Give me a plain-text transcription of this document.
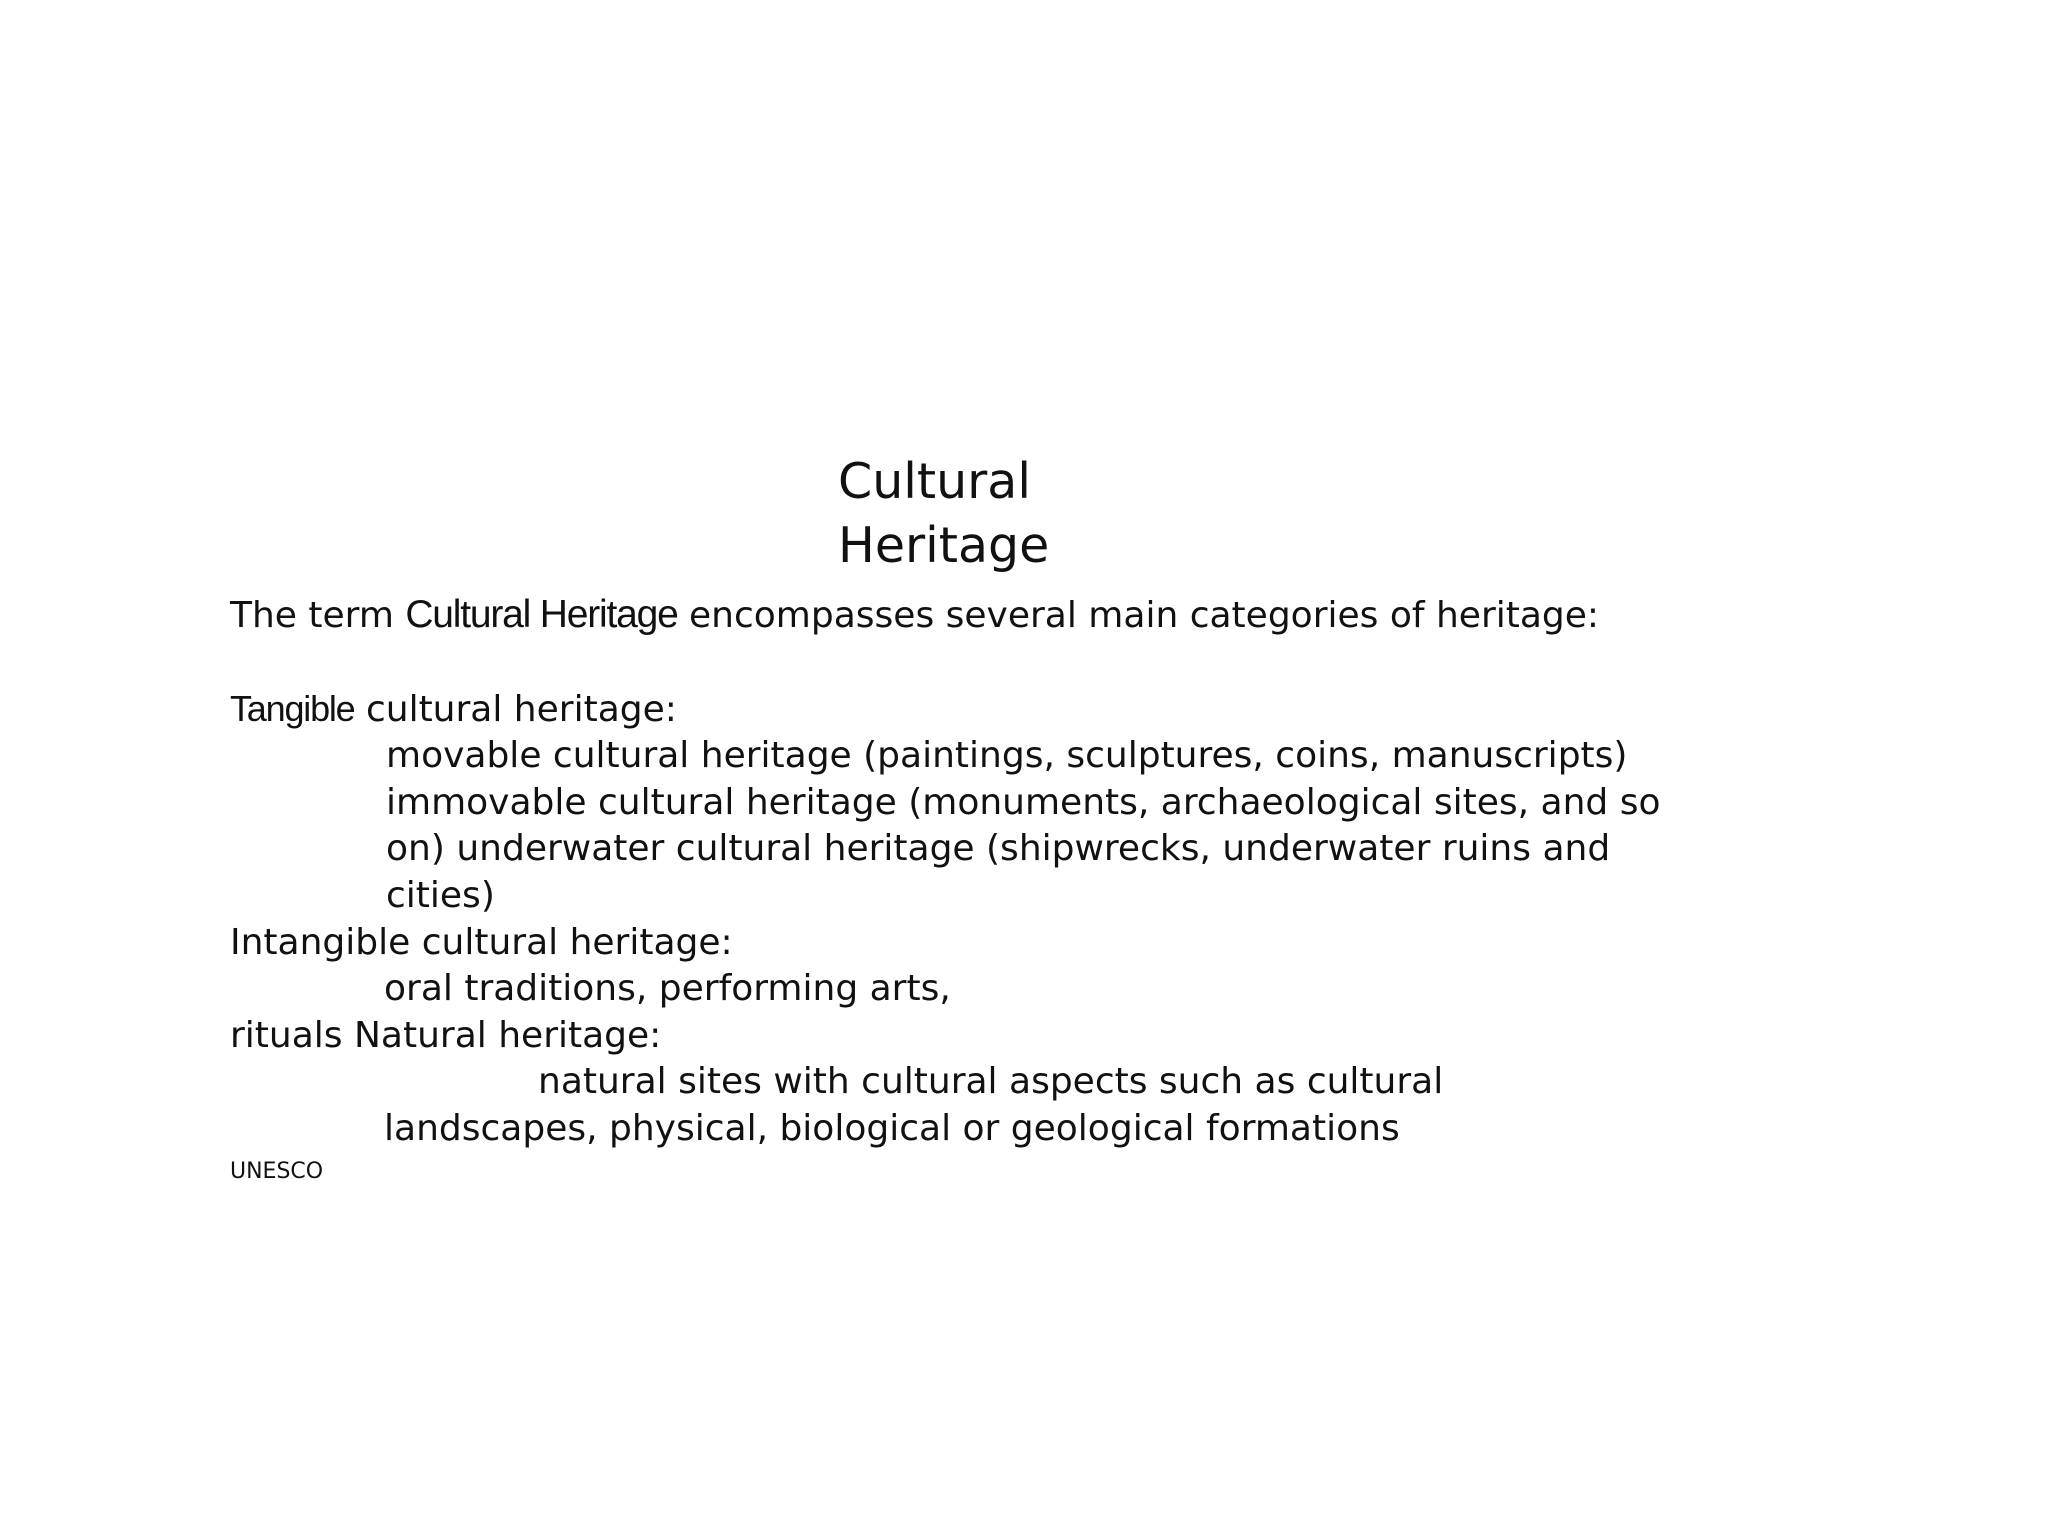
Cultural
Heritage

The term Cultural Heritage encompasses several main categories of heritage:

Tangible cultural heritage:

movable cultural heritage (paintings, sculptures, coins, manuscripts)

immovable cultural heritage (monuments, archaeological sites, and so

on) underwater cultural heritage (shipwrecks, underwater ruins and

cities)

Intangible cultural heritage:

oral traditions, performing arts,

rituals Natural heritage:

natural sites with cultural aspects such as cultural

landscapes, physical, biological or geological formations

UNESCO
